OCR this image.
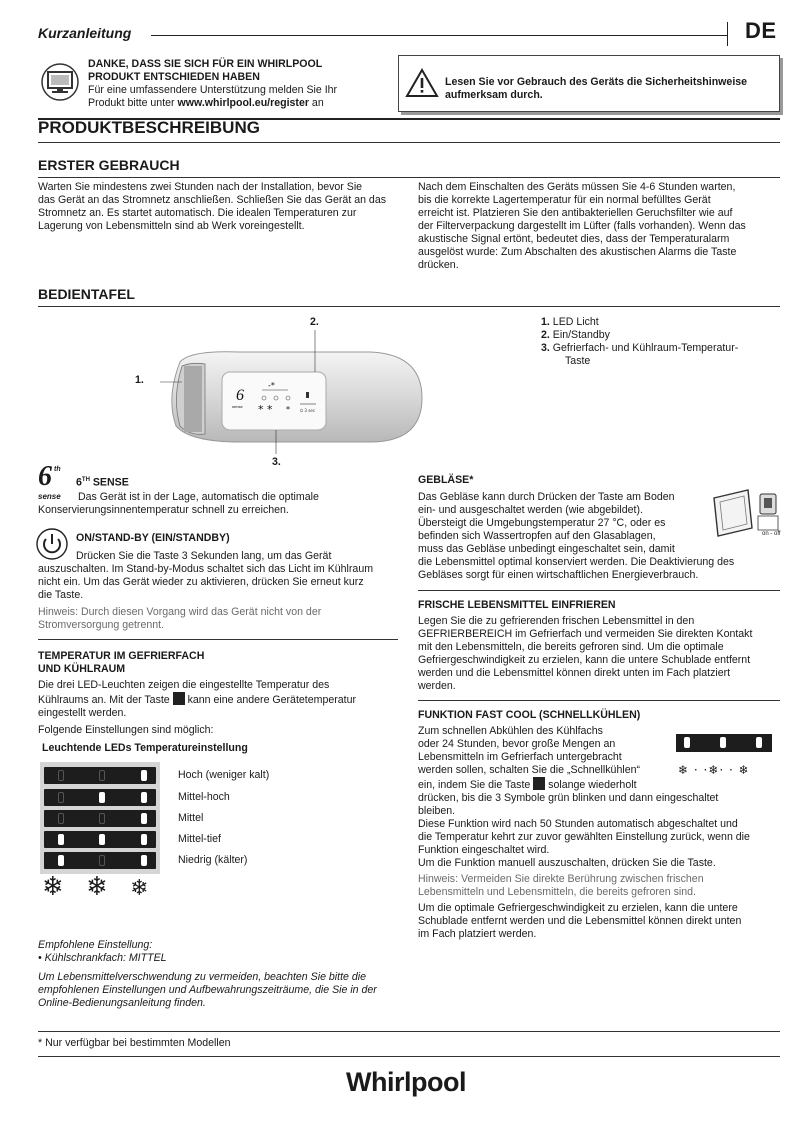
Kurzanleitung	DE
DANKE, DASS SIE SICH FÜR EIN WHIRLPOOL
PRODUKT ENTSCHIEDEN HABEN
Für eine umfassendere Unterstützung melden Sie Ihr
Produkt bitte unter www.whirlpool.eu/register an
Lesen Sie vor Gebrauch des Geräts die Sicherheitshinweise
aufmerksam durch.
PRODUKTBESCHREIBUNG
ERSTER GEBRAUCH
Warten Sie mindestens zwei Stunden nach der Installation, bevor Sie
das Gerät an das Stromnetz anschließen. Schließen Sie das Gerät an das
Stromnetz an. Es startet automatisch. Die idealen Temperaturen zur
Lagerung von Lebensmitteln sind ab Werk voreingestellt.
Nach dem Einschalten des Geräts müssen Sie 4-6 Stunden warten,
bis die korrekte Lagertemperatur für ein normal befülltes Gerät
erreicht ist. Platzieren Sie den antibakteriellen Geruchsfilter wie auf
der Filterverpackung dargestellt im Lüfter (falls vorhanden). Wenn das
akustische Signal ertönt, bedeutet dies, dass der Temperaturalarm
ausgelöst wurde: Zum Abschalten des akustischen Alarms die Taste
drücken.
BEDIENTAFEL
6
sense
-*
* * *	⏻ 3 sec
1.
2.
3.
1. LED Licht
2. Ein/Standby
3. Gefrierfach- und Kühlraum-Temperatur-
Taste
6 th
sense
6TH SENSE
Das Gerät ist in der Lage, automatisch die optimale
Konservierungsinnentemperatur schnell zu erreichen.
ON/STAND-BY (EIN/STANDBY)
Drücken Sie die Taste 3 Sekunden lang, um das Gerät
auszuschalten. Im Stand-by-Modus schaltet sich das Licht im Kühlraum
nicht ein. Um das Gerät wieder zu aktivieren, drücken Sie erneut kurz
die Taste.
Hinweis: Durch diesen Vorgang wird das Gerät nicht von der
Stromversorgung getrennt.
TEMPERATUR IM GEFRIERFACH
UND KÜHLRAUM
Die drei LED-Leuchten zeigen die eingestellte Temperatur des
Kühlraums an. Mit der Taste  kann eine andere Gerätetemperatur
eingestellt werden.
Folgende Einstellungen sind möglich:
Leuchtende LEDs Temperatureinstellung
Hoch (weniger kalt)
Mittel-hoch
Mittel
Mittel-tief
Niedrig (kälter)
❄ ❄ ❄
Empfohlene Einstellung:
• Kühlschrankfach: MITTEL
Um Lebensmittelverschwendung zu vermeiden, beachten Sie bitte die
empfohlenen Einstellungen und Aufbewahrungszeiträume, die Sie in der
Online-Bedienungsanleitung finden.
GEBLÄSE*
Das Gebläse kann durch Drücken der Taste am Boden
ein- und ausgeschaltet werden (wie abgebildet).
Übersteigt die Umgebungstemperatur 27 °C, oder es
befinden sich Wassertropfen auf den Glasablagen,
muss das Gebläse unbedingt eingeschaltet sein, damit
die Lebensmittel optimal konserviert werden. Die Deaktivierung des
Gebläses sorgt für einen wirtschaftlichen Energieverbrauch.
on - off
FRISCHE LEBENSMITTEL EINFRIEREN
Legen Sie die zu gefrierenden frischen Lebensmittel in den
GEFRIERBEREICH im Gefrierfach und vermeiden Sie direkten Kontakt
mit den Lebensmitteln, die bereits gefroren sind. Um die optimale
Gefriergeschwindigkeit zu erzielen, kann die untere Schublade entfernt
werden und die Lebensmittel können direkt unten im Fach platziert
werden.
FUNKTION FAST COOL (SCHNELLKÜHLEN)
Zum schnellen Abkühlen des Kühlfachs
oder 24 Stunden, bevor große Mengen an
Lebensmitteln im Gefrierfach untergebracht
werden sollen, schalten Sie die „Schnellkühlen“
ein, indem Sie die Taste  solange wiederholt
drücken, bis die 3 Symbole grün blinken und dann eingeschaltet
bleiben.
Diese Funktion wird nach 50 Stunden automatisch abgeschaltet und
die Temperatur kehrt zur zuvor gewählten Einstellung zurück, wenn die
Funktion eingeschaltet wird.
Um die Funktion manuell auszuschalten, drücken Sie die Taste.
Hinweis: Vermeiden Sie direkte Berührung zwischen frischen
Lebensmitteln und Lebensmitteln, die bereits gefroren sind.
Um die optimale Gefriergeschwindigkeit zu erzielen, kann die untere
Schublade entfernt werden und die Lebensmittel können direkt unten
im Fach platziert werden.
❄ · ·❄· · ❄
* Nur verfügbar bei bestimmten Modellen
Whirlpool
